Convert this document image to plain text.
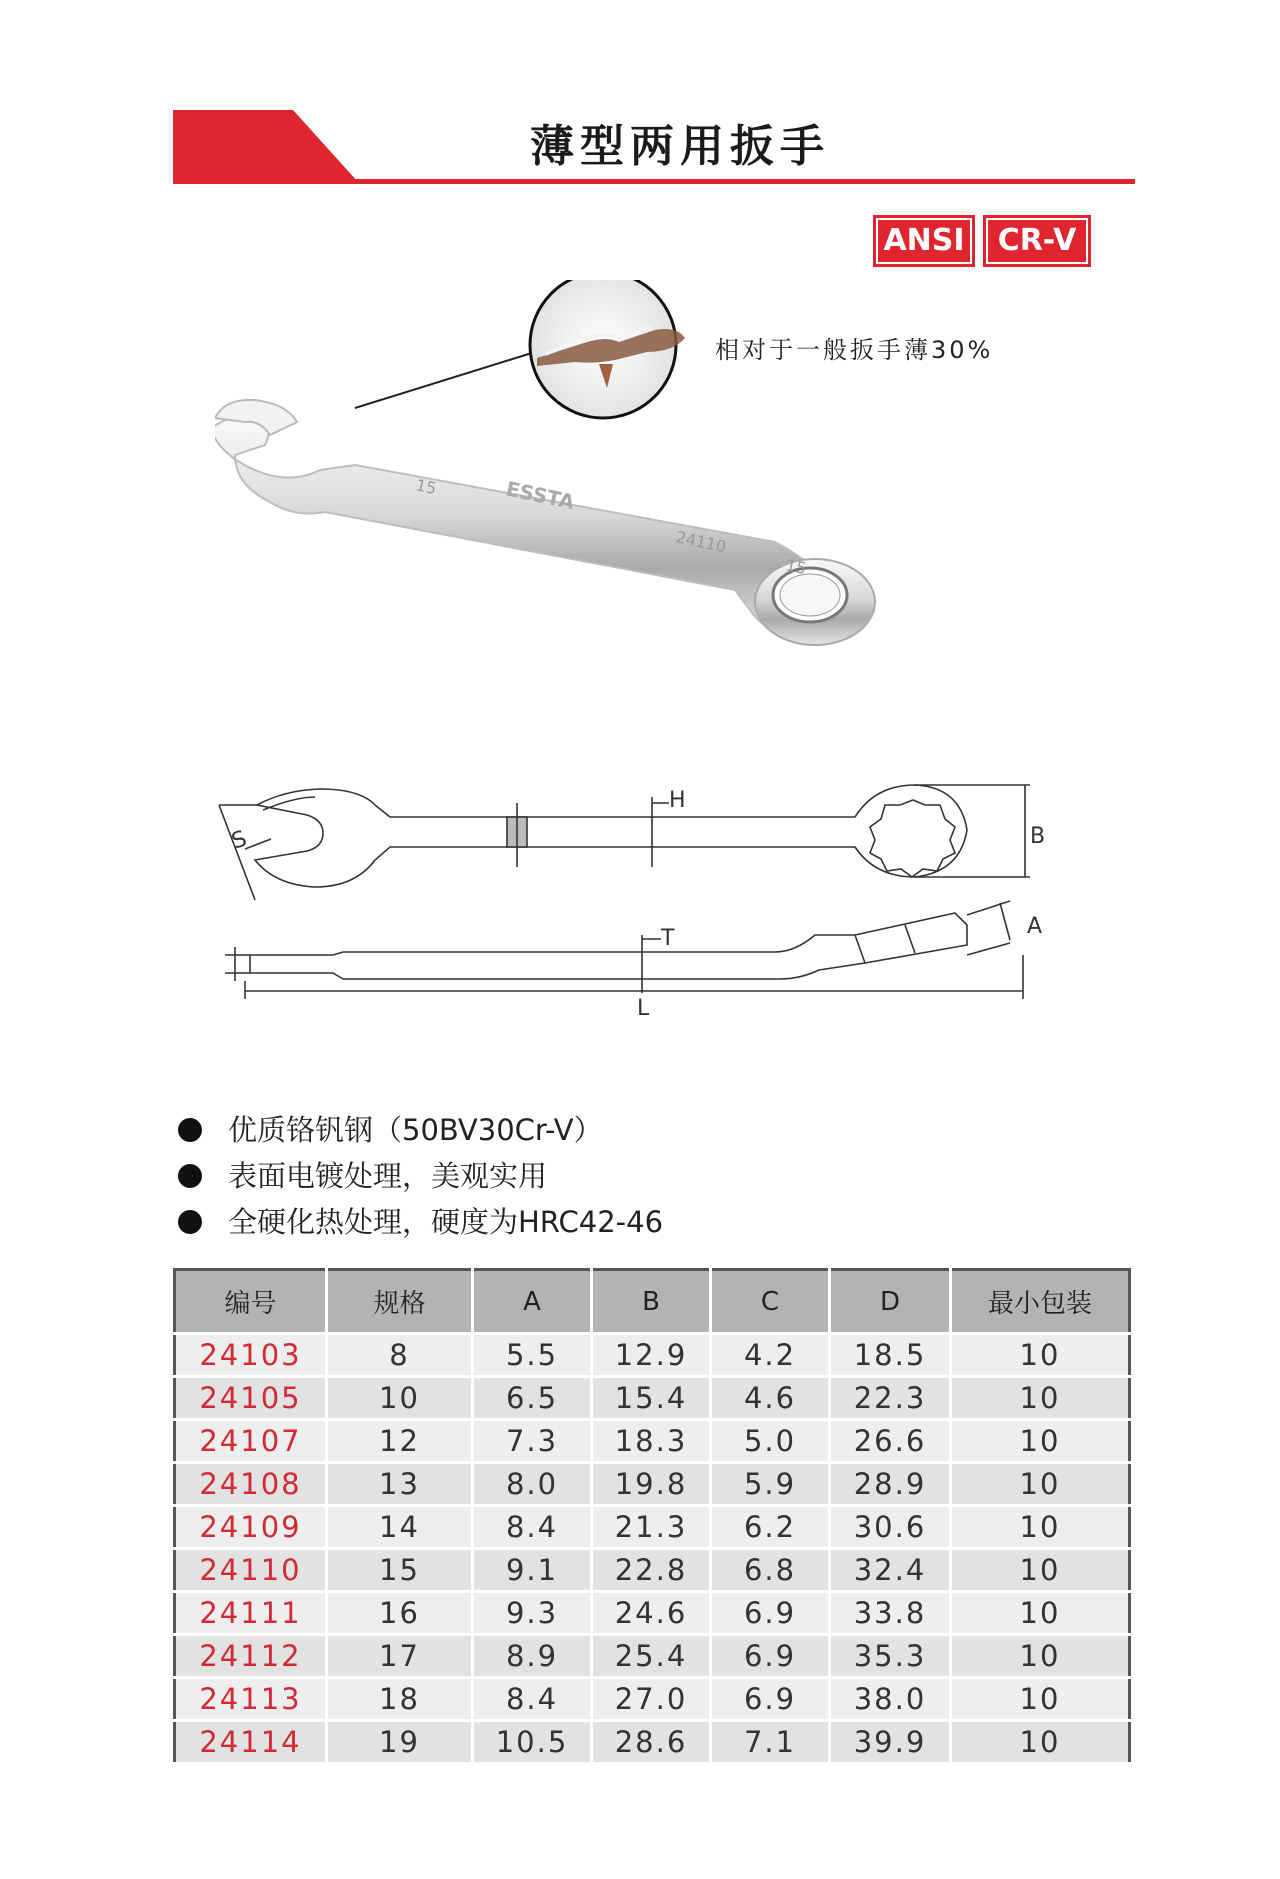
薄型两用扳手
ANSI	CR-V
15	ESSTA
24110
15
相对于一般扳手薄30%
H
B
S
T
L
A
优质铬钒钢（50BV30Cr-V）
表面电镀处理，美观实用
全硬化热处理，硬度为HRC42-46
编号	规格	A	B	C	D	最小包装
24103	8	5.5	12.9	4.2	18.5	10
24105	10	6.5	15.4	4.6	22.3	10
24107	12	7.3	18.3	5.0	26.6	10
24108	13	8.0	19.8	5.9	28.9	10
24109	14	8.4	21.3	6.2	30.6	10
24110	15	9.1	22.8	6.8	32.4	10
24111	16	9.3	24.6	6.9	33.8	10
24112	17	8.9	25.4	6.9	35.3	10
24113	18	8.4	27.0	6.9	38.0	10
24114	19	10.5	28.6	7.1	39.9	10
